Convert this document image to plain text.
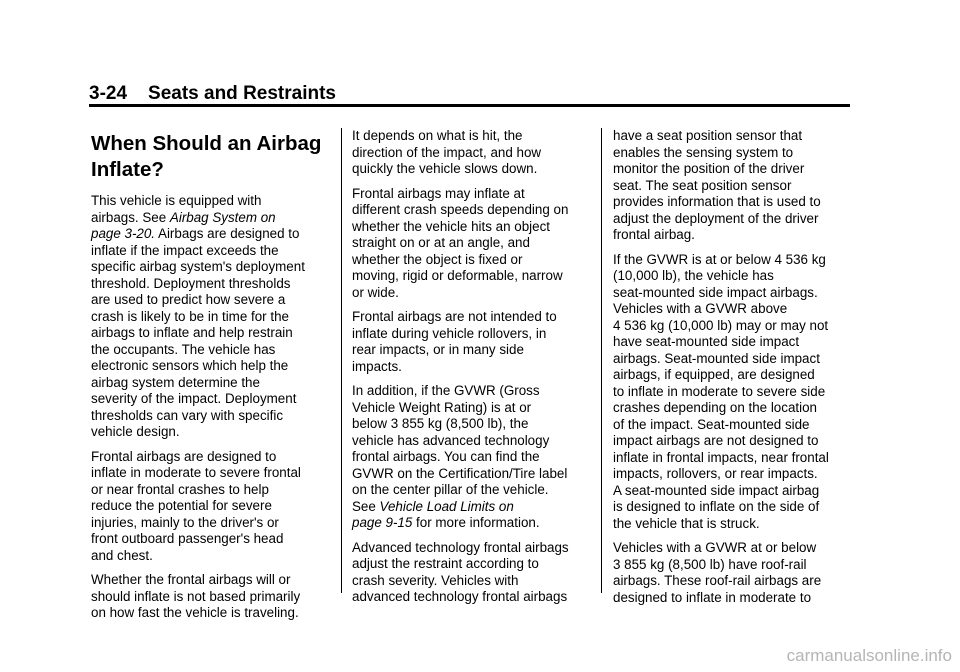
3-24 Seats and Restraints
When Should an Airbag
Inflate?

This vehicle is equipped with
airbags. See Airbag System on
page 3-20. Airbags are designed to
inflate if the impact exceeds the
specific airbag system's deployment
threshold. Deployment thresholds
are used to predict how severe a
crash is likely to be in time for the
airbags to inflate and help restrain
the occupants. The vehicle has
electronic sensors which help the
airbag system determine the
severity of the impact. Deployment
thresholds can vary with specific
vehicle design.

Frontal airbags are designed to
inflate in moderate to severe frontal
or near frontal crashes to help
reduce the potential for severe
injuries, mainly to the driver's or
front outboard passenger's head
and chest.

Whether the frontal airbags will or
should inflate is not based primarily
on how fast the vehicle is traveling.

It depends on what is hit, the
direction of the impact, and how
quickly the vehicle slows down.

Frontal airbags may inflate at
different crash speeds depending on
whether the vehicle hits an object
straight on or at an angle, and
whether the object is fixed or
moving, rigid or deformable, narrow
or wide.

Frontal airbags are not intended to
inflate during vehicle rollovers, in
rear impacts, or in many side
impacts.

In addition, if the GVWR (Gross
Vehicle Weight Rating) is at or
below 3 855 kg (8,500 lb), the
vehicle has advanced technology
frontal airbags. You can find the
GVWR on the Certification/Tire label
on the center pillar of the vehicle.
See Vehicle Load Limits on
page 9-15 for more information.

Advanced technology frontal airbags
adjust the restraint according to
crash severity. Vehicles with
advanced technology frontal airbags

have a seat position sensor that
enables the sensing system to
monitor the position of the driver
seat. The seat position sensor
provides information that is used to
adjust the deployment of the driver
frontal airbag.

If the GVWR is at or below 4 536 kg
(10,000 lb), the vehicle has
seat-mounted side impact airbags.
Vehicles with a GVWR above
4 536 kg (10,000 lb) may or may not
have seat-mounted side impact
airbags. Seat-mounted side impact
airbags, if equipped, are designed
to inflate in moderate to severe side
crashes depending on the location
of the impact. Seat-mounted side
impact airbags are not designed to
inflate in frontal impacts, near frontal
impacts, rollovers, or rear impacts.
A seat-mounted side impact airbag
is designed to inflate on the side of
the vehicle that is struck.

Vehicles with a GVWR at or below
3 855 kg (8,500 lb) have roof-rail
airbags. These roof-rail airbags are
designed to inflate in moderate to

carmanualsonline.info
